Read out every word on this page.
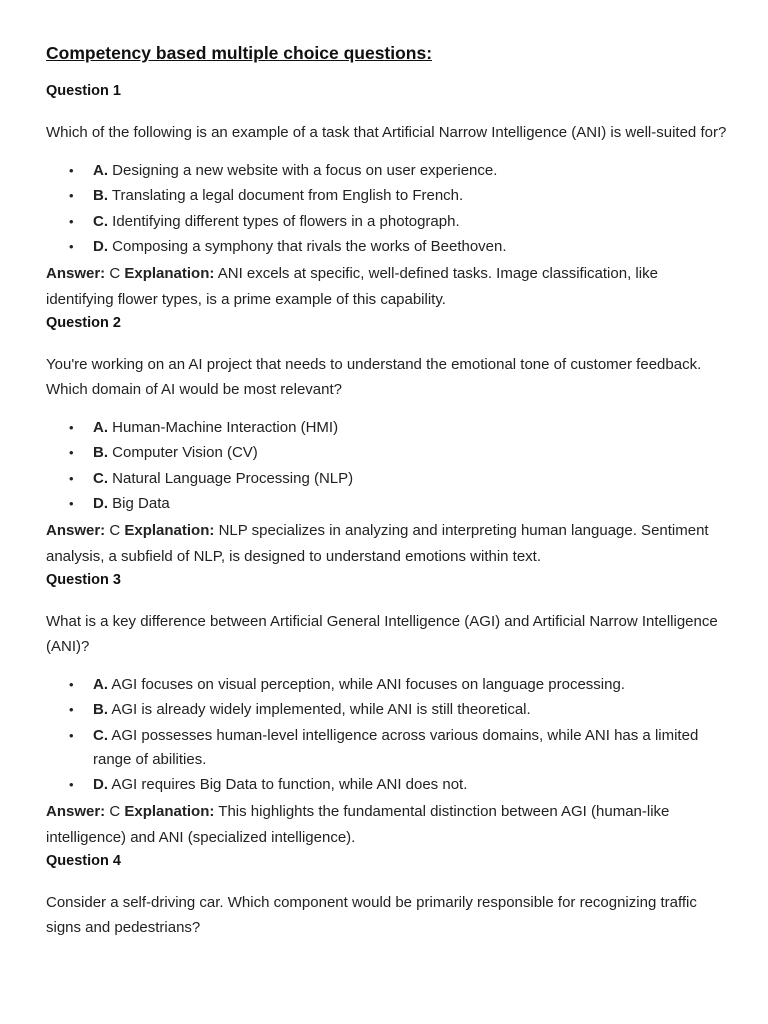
Competency based multiple choice questions:
Question 1

Which of the following is an example of a task that Artificial Narrow Intelligence (ANI) is well-suited for?

• A. Designing a new website with a focus on user experience.
• B. Translating a legal document from English to French.
• C. Identifying different types of flowers in a photograph.
• D. Composing a symphony that rivals the works of Beethoven.

Answer: C Explanation: ANI excels at specific, well-defined tasks. Image classification, like identifying flower types, is a prime example of this capability.

Question 2

You're working on an AI project that needs to understand the emotional tone of customer feedback. Which domain of AI would be most relevant?

• A. Human-Machine Interaction (HMI)
• B. Computer Vision (CV)
• C. Natural Language Processing (NLP)
• D. Big Data

Answer: C Explanation: NLP specializes in analyzing and interpreting human language. Sentiment analysis, a subfield of NLP, is designed to understand emotions within text.

Question 3

What is a key difference between Artificial General Intelligence (AGI) and Artificial Narrow Intelligence (ANI)?

• A. AGI focuses on visual perception, while ANI focuses on language processing.
• B. AGI is already widely implemented, while ANI is still theoretical.
• C. AGI possesses human-level intelligence across various domains, while ANI has a limited range of abilities.
• D. AGI requires Big Data to function, while ANI does not.

Answer: C Explanation: This highlights the fundamental distinction between AGI (human-like intelligence) and ANI (specialized intelligence).

Question 4

Consider a self-driving car. Which component would be primarily responsible for recognizing traffic signs and pedestrians?
